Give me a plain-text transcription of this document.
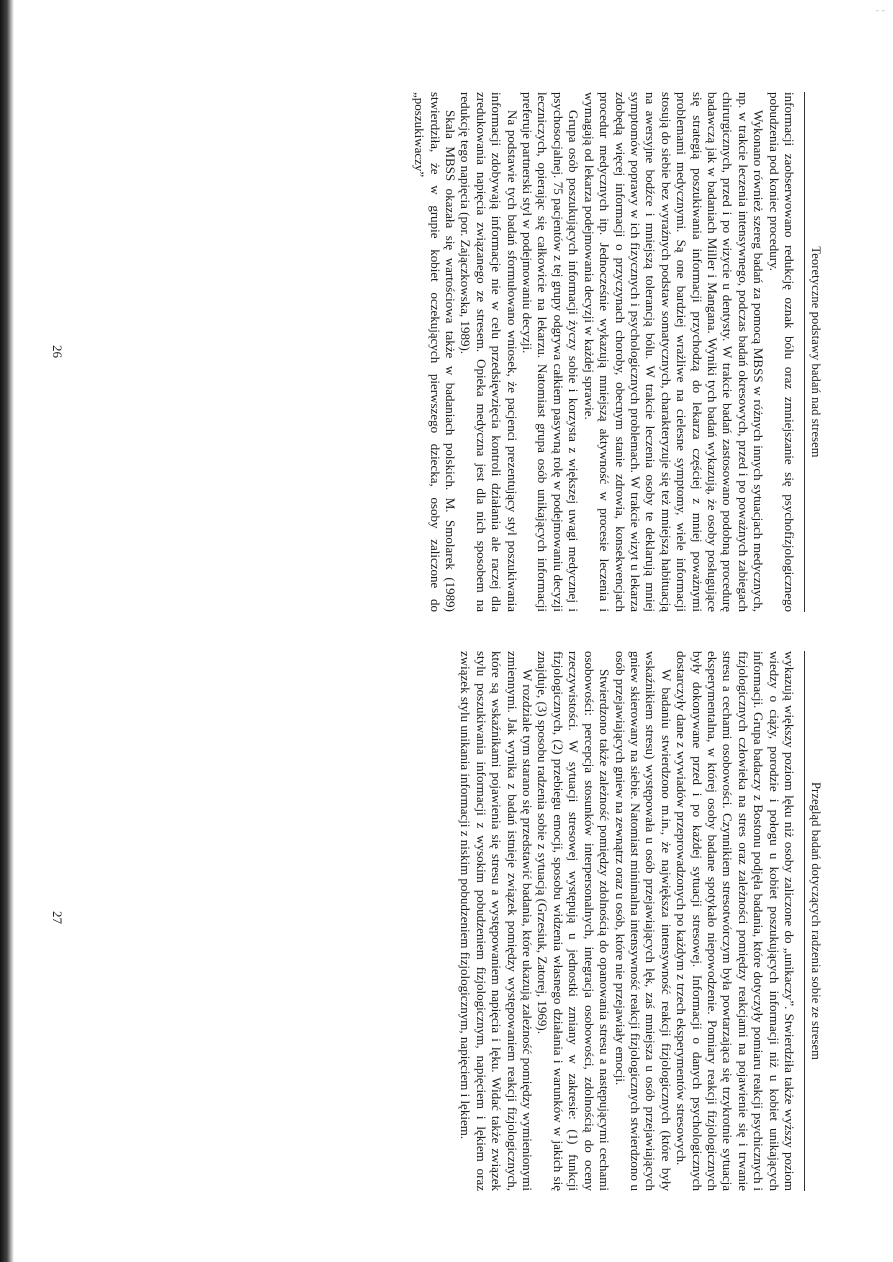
- -
Teoretyczne podstawy badań nad stresem

informacji zaobserwowano redukcję oznak bólu oraz zmniejszanie się psychofizjologicznego pobudzenia pod koniec procedury.

Wykonano również szereg badań za pomocą MBSS w różnych innych sytuacjach medycznych, np. w trakcie leczenia intensywnego, podczas badań okresowych, przed i po poważnych zabiegach chirurgicznych, przed i po wizycie u dentysty. W trakcie badań zastosowano podobną procedurę badawczą jak w badaniach Miller i Mangana. Wyniki tych badań wykazują, że osoby posługujące się strategią poszukiwania informacji przychodzą do lekarza częściej z mniej poważnymi problemami medycznymi. Są one bardziej wrażliwe na cielesne symptomy, wiele informacji stosują do siebie bez wyraźnych podstaw somatycznych, charakteryzuje się też mniejszą habituacją na awersyjne bodźce i mniejszą tolerancją bólu. W trakcie leczenia osoby te deklarują mniej symptomów poprawy w ich fizycznych i psychologicznych problemach. W trakcie wizyt u lekarza zdobędą więcej informacji o przyczynach choroby, obecnym stanie zdrowia, konsekwencjach procedur medycznych itp. Jednocześnie wykazują mniejszą aktywność w procesie leczenia i wymagają od lekarza podejmowania decyzji w każdej sprawie.

Grupa osób poszukujących informacji życzy sobie i korzysta z większej uwagi medycznej i psychosocjalnej. 75 pacjentów z tej grupy odgrywa całkiem pasywną rolę w podejmowaniu decyzji leczniczych, opierając się całkowicie na lekarzu. Natomiast grupa osób unikających informacji preferuje partnerski styl w podejmowaniu decyzji.

Na podstawie tych badań sformułowano wniosek, że pacjenci prezentujący styl poszukiwania informacji zdobywają informacje nie w celu przedsięwzięcia kontroli działania ale raczej dla zredukowania napięcia związanego ze stresem. Opieka medyczna jest dla nich sposobem na redukcję tego napięcia (por. Zajączkowska, 1989).

Skala MBSS okazała się wartościowa także w badaniach polskich. M. Smolarek (1989) stwierdziła, że w grupie kobiet oczekujących pierwszego dziecka, osoby zaliczone do „poszukiwaczy”

26
Przegląd badań dotyczących radzenia sobie ze stresem

wykazują większy poziom lęku niż osoby zaliczone do „unikaczy”. Stwierdziła także wyższy poziom wiedzy o ciąży, porodzie i połogu u kobiet poszukujących informacji niż u kobiet unikających informacji. Grupa badaczy z Bostonu podjęła badania, które dotyczyły pomiaru reakcji psychicznych i fizjologicznych człowieka na stres oraz zależności pomiędzy reakcjami na pojawienie się i trwanie stresu a cechami osobowości. Czynnikiem stresotwórczym była powtarzająca się trzykrotnie sytuacja eksperymentalna, w której osoby badane spotykało niepowodzenie. Pomiary reakcji fizjologicznych były dokonywane przed i po każdej sytuacji stresowej. Informacji o danych psychologicznych dostarczyły dane z wywiadów przeprowadzonych po każdym z trzech eksperymentów stresowych.

W badaniu stwierdzono m.in., że największa intensywność reakcji fizjologicznych (które były wskaźnikiem stresu) występowała u osób przejawiających lęk, zaś mniejsza u osób przejawiających gniew skierowany na siebie. Natomiast minimalna intensywność reakcji fizjologicznych stwierdzono u osób przejawiających gniew na zewnątrz oraz u osób, które nie przejawiały emocji.

Stwierdzono także zależność pomiędzy zdolnością do opanowania stresu a następującymi cechami osobowości: percepcja stosunków interpersonalnych, integracja osobowości, zdolnością do oceny rzeczywistości. W sytuacji stresowej występują u jednostki zmiany w zakresie: (1) funkcji fizjologicznych, (2) przebiegu emocji, sposobu widzenia własnego działania i warunków w jakich się znajduje, (3) sposobu radzenia sobie z sytuacją (Grzesiuk, Zatorej, 1969).

W rozdziale tym starano się przedstawić badania, które ukazują zależność pomiędzy wymienionymi zmiennymi. Jak wynika z badań istnieje związek pomiędzy występowaniem reakcji fizjologicznych, które są wskaźnikami pojawienia się stresu a występowaniem napięcia i lęku. Widać także związek stylu poszukiwania informacji z wysokim pobudzeniem fizjologicznym, napięciem i lękiem oraz związek stylu unikania informacji z niskim pobudzeniem fizjologicznym, napięciem i lękiem.

27
